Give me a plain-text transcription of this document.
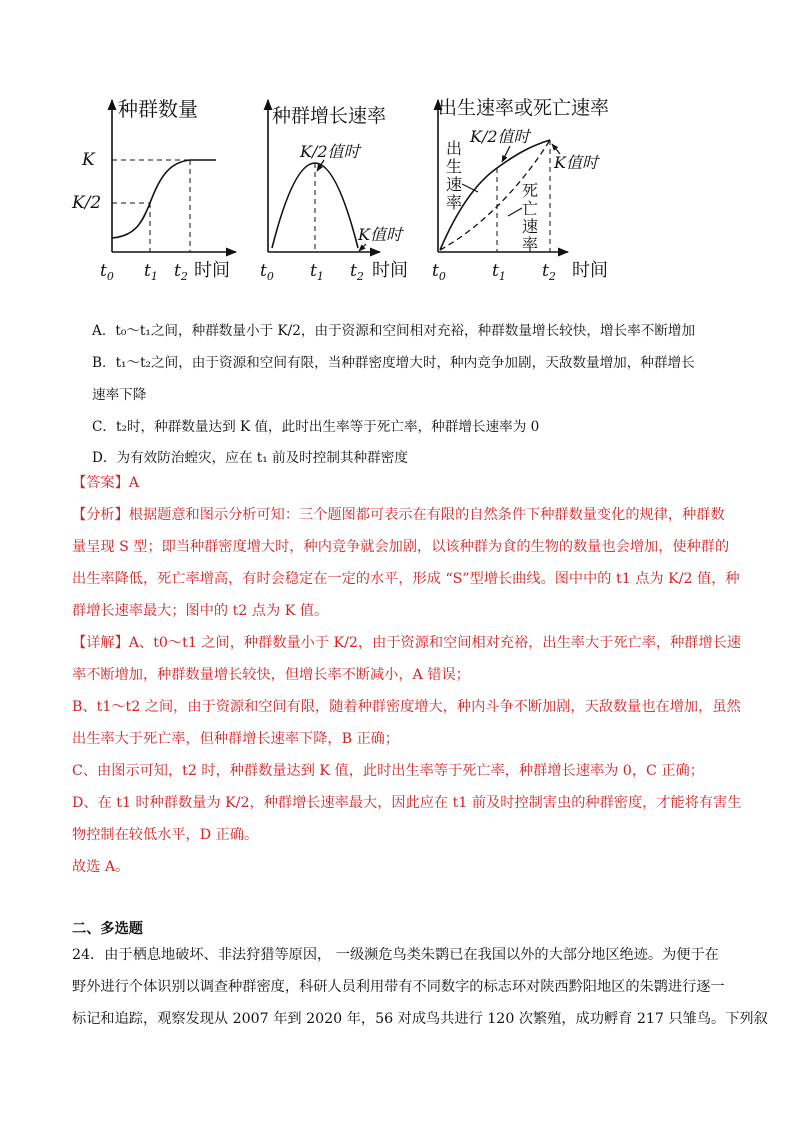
种群数量
K
K/2
$t_0$ $t_1$ $t_2$ 时间
种群增长速率
K/2值时
K值时
$t_0$ $t_1$ $t_2$ 时间
出生速率或死亡速率
K/2值时
K值时
出
生
速
率
死
亡
速
率
$t_0$	$t_1$ $t_2$ 时间
A．t₀～t₁之间，种群数量小于 K/2，由于资源和空间相对充裕，种群数量增长较快，增长率不断增加
B．t₁～t₂之间，由于资源和空间有限，当种群密度增大时，种内竞争加剧，天敌数量增加，种群增长
速率下降
C．t₂时，种群数量达到 K 值，此时出生率等于死亡率，种群增长速率为 0
D．为有效防治蝗灾，应在 t₁ 前及时控制其种群密度
【答案】A
【分析】根据题意和图示分析可知：三个题图都可表示在有限的自然条件下种群数量变化的规律，种群数
量呈现 S 型；即当种群密度增大时，种内竞争就会加剧，以该种群为食的生物的数量也会增加，使种群的
出生率降低，死亡率增高，有时会稳定在一定的水平，形成 “S”型增长曲线。图中中的 t1 点为 K/2 值，种
群增长速率最大；图中的 t2 点为 K 值。
【详解】A、t0～t1 之间，种群数量小于 K/2，由于资源和空间相对充裕，出生率大于死亡率，种群增长速
率不断增加，种群数量增长较快，但增长率不断减小，A 错误；
B、t1～t2 之间，由于资源和空间有限，随着种群密度增大，种内斗争不断加剧，天敌数量也在增加，虽然
出生率大于死亡率，但种群增长速率下降，B 正确；
C、由图示可知，t2 时，种群数量达到 K 值，此时出生率等于死亡率，种群增长速率为 0，C 正确；
D、在 t1 时种群数量为 K/2，种群增长速率最大，因此应在 t1 前及时控制害虫的种群密度，才能将有害生
物控制在较低水平，D 正确。
故选 A。
二、多选题
24．由于栖息地破坏、非法狩猎等原因， 一级濒危鸟类朱鹮已在我国以外的大部分地区绝迹。为便于在
野外进行个体识别以调查种群密度，科研人员利用带有不同数字的标志环对陕西黔阳地区的朱鹮进行逐一
标记和追踪，观察发现从 2007 年到 2020 年，56 对成鸟共进行 120 次繁殖，成功孵育 217 只雏鸟。下列叙
